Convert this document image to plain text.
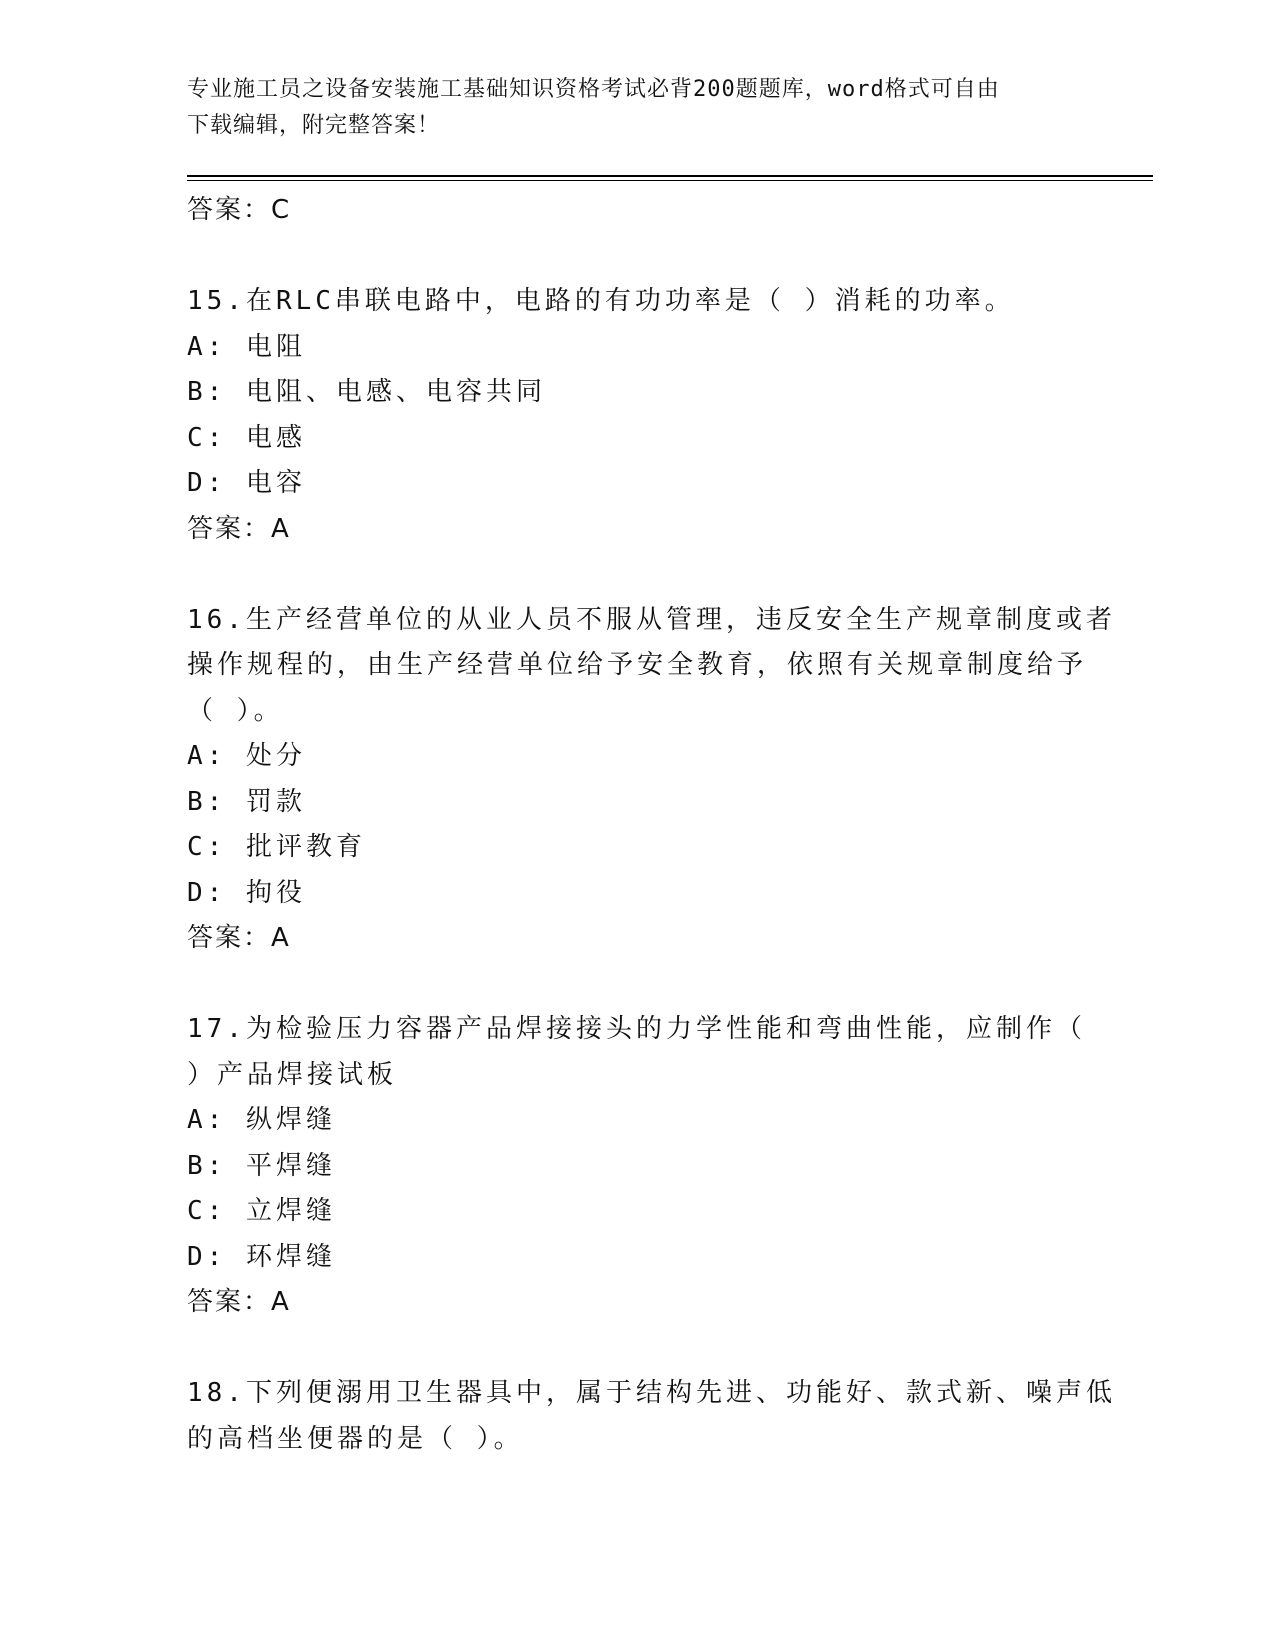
专业施工员之设备安装施工基础知识资格考试必背200题题库，word格式可自由
下载编辑，附完整答案！
答案：C
15.在RLC串联电路中，电路的有功功率是（ ）消耗的功率。
A: 电阻
B: 电阻、电感、电容共同
C: 电感
D: 电容
答案：A
16.生产经营单位的从业人员不服从管理，违反安全生产规章制度或者
操作规程的，由生产经营单位给予安全教育，依照有关规章制度给予
（ ）。
A: 处分
B: 罚款
C: 批评教育
D: 拘役
答案：A
17.为检验压力容器产品焊接接头的力学性能和弯曲性能，应制作（
）产品焊接试板
A: 纵焊缝
B: 平焊缝
C: 立焊缝
D: 环焊缝
答案：A
18.下列便溺用卫生器具中，属于结构先进、功能好、款式新、噪声低
的高档坐便器的是（ ）。
